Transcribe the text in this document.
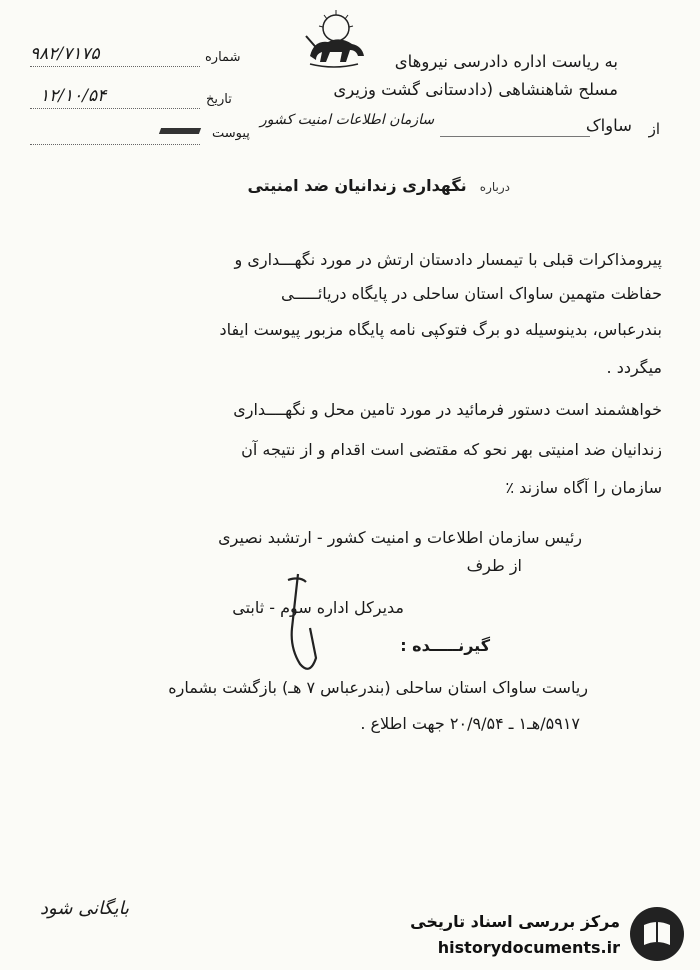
به ریاست اداره دادرسی نیروهای
مسلح شاهنشاهی (دادستانی گشت وزیری
سازمان اطلاعات امنیت کشور	از
ساواک
شماره
۹۸۲/۷۱۷۵
تاریخ
۱۲/۱۰/۵۴
پیوست
درباره نگهداری زندانیان ضد امنیتی
پیرومذاکرات قبلی با تیمسار دادستان ارتش در مورد نگهـــداری و
حفاظت متهمین ساواک استان ساحلی در پایگاه دریائـــــی
بندرعباس، بدینوسیله دو برگ فتوکپی نامه پایگاه مزبور پیوست ایفاد
میگردد .
خواهشمند است دستور فرمائید در مورد تامین محل و نگهــــداری
زندانیان ضد امنیتی بهر نحو که مقتضی است اقدام و از نتیجه آن
سازمان را آگاه سازند ٪
رئیس سازمان اطلاعات و امنیت کشور - ارتشبد نصیری
از طرف
مدیرکل اداره سوم - ثابتی
گیرنـــــده :
ریاست ساواک استان ساحلی (بندرعباس ۷ هـ) بازگشت بشماره
۵۹۱۷/هـ۱ ـ ۲۰/۹/۵۴ جهت اطلاع .
بایگانی شود
مرکز بررسی اسناد تاریخی
historydocuments.ir
